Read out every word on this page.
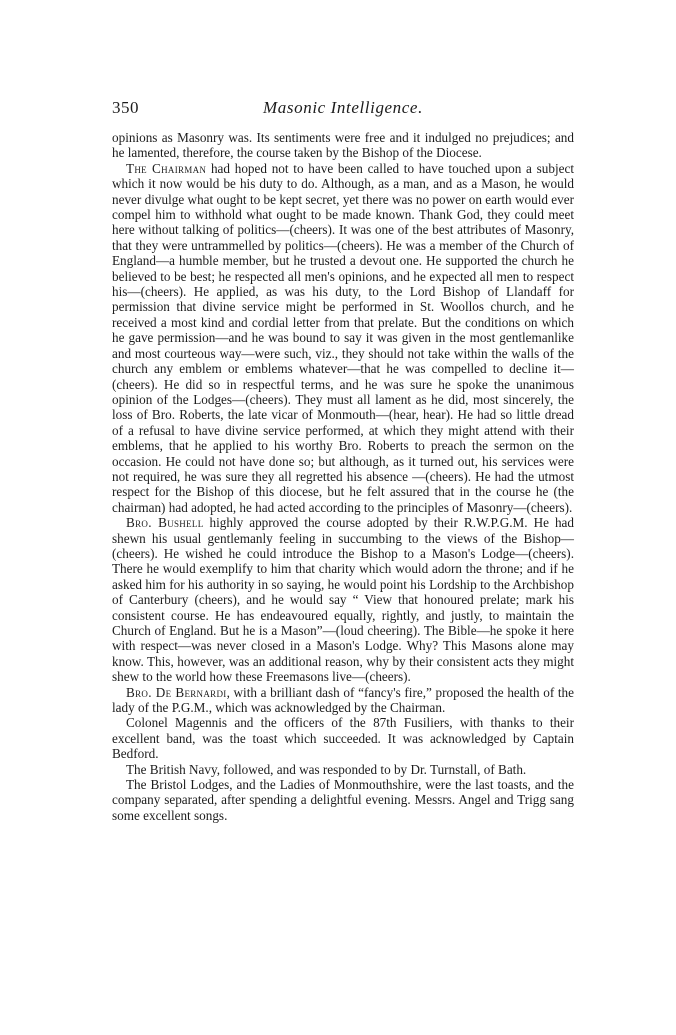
350	Masonic Intelligence.

opinions as Masonry was. Its sentiments were free and it indulged no prejudices; and he lamented, therefore, the course taken by the Bishop of the Diocese.

The Chairman had hoped not to have been called to have touched upon a subject which it now would be his duty to do. Although, as a man, and as a Mason, he would never divulge what ought to be kept secret, yet there was no power on earth would ever compel him to withhold what ought to be made known. Thank God, they could meet here without talking of politics—(cheers). It was one of the best attributes of Masonry, that they were untrammelled by politics—(cheers). He was a member of the Church of England—a humble member, but he trusted a devout one. He supported the church he believed to be best; he respected all men's opinions, and he expected all men to respect his—(cheers). He applied, as was his duty, to the Lord Bishop of Llandaff for permission that divine service might be performed in St. Woollos church, and he received a most kind and cordial letter from that prelate. But the conditions on which he gave permission—and he was bound to say it was given in the most gentlemanlike and most courteous way—were such, viz., they should not take within the walls of the church any emblem or emblems whatever—that he was compelled to decline it—(cheers). He did so in respectful terms, and he was sure he spoke the unanimous opinion of the Lodges—(cheers). They must all lament as he did, most sincerely, the loss of Bro. Roberts, the late vicar of Monmouth—(hear, hear). He had so little dread of a refusal to have divine service performed, at which they might attend with their emblems, that he applied to his worthy Bro. Roberts to preach the sermon on the occasion. He could not have done so; but although, as it turned out, his services were not required, he was sure they all regretted his absence —(cheers). He had the utmost respect for the Bishop of this diocese, but he felt assured that in the course he (the chairman) had adopted, he had acted according to the principles of Masonry—(cheers).

Bro. Bushell highly approved the course adopted by their R.W.P.G.M. He had shewn his usual gentlemanly feeling in succumbing to the views of the Bishop—(cheers). He wished he could introduce the Bishop to a Mason's Lodge—(cheers). There he would exemplify to him that charity which would adorn the throne; and if he asked him for his authority in so saying, he would point his Lordship to the Archbishop of Canterbury (cheers), and he would say “ View that honoured prelate; mark his consistent course. He has endeavoured equally, rightly, and justly, to maintain the Church of England. But he is a Mason”—(loud cheering). The Bible—he spoke it here with respect—was never closed in a Mason's Lodge. Why? This Masons alone may know. This, however, was an additional reason, why by their consistent acts they might shew to the world how these Freemasons live—(cheers).

Bro. De Bernardi, with a brilliant dash of “fancy's fire,” proposed the health of the lady of the P.G.M., which was acknowledged by the Chairman.

Colonel Magennis and the officers of the 87th Fusiliers, with thanks to their excellent band, was the toast which succeeded. It was acknowledged by Captain Bedford.

The British Navy, followed, and was responded to by Dr. Turnstall, of Bath.

The Bristol Lodges, and the Ladies of Monmouthshire, were the last toasts, and the company separated, after spending a delightful evening. Messrs. Angel and Trigg sang some excellent songs.
